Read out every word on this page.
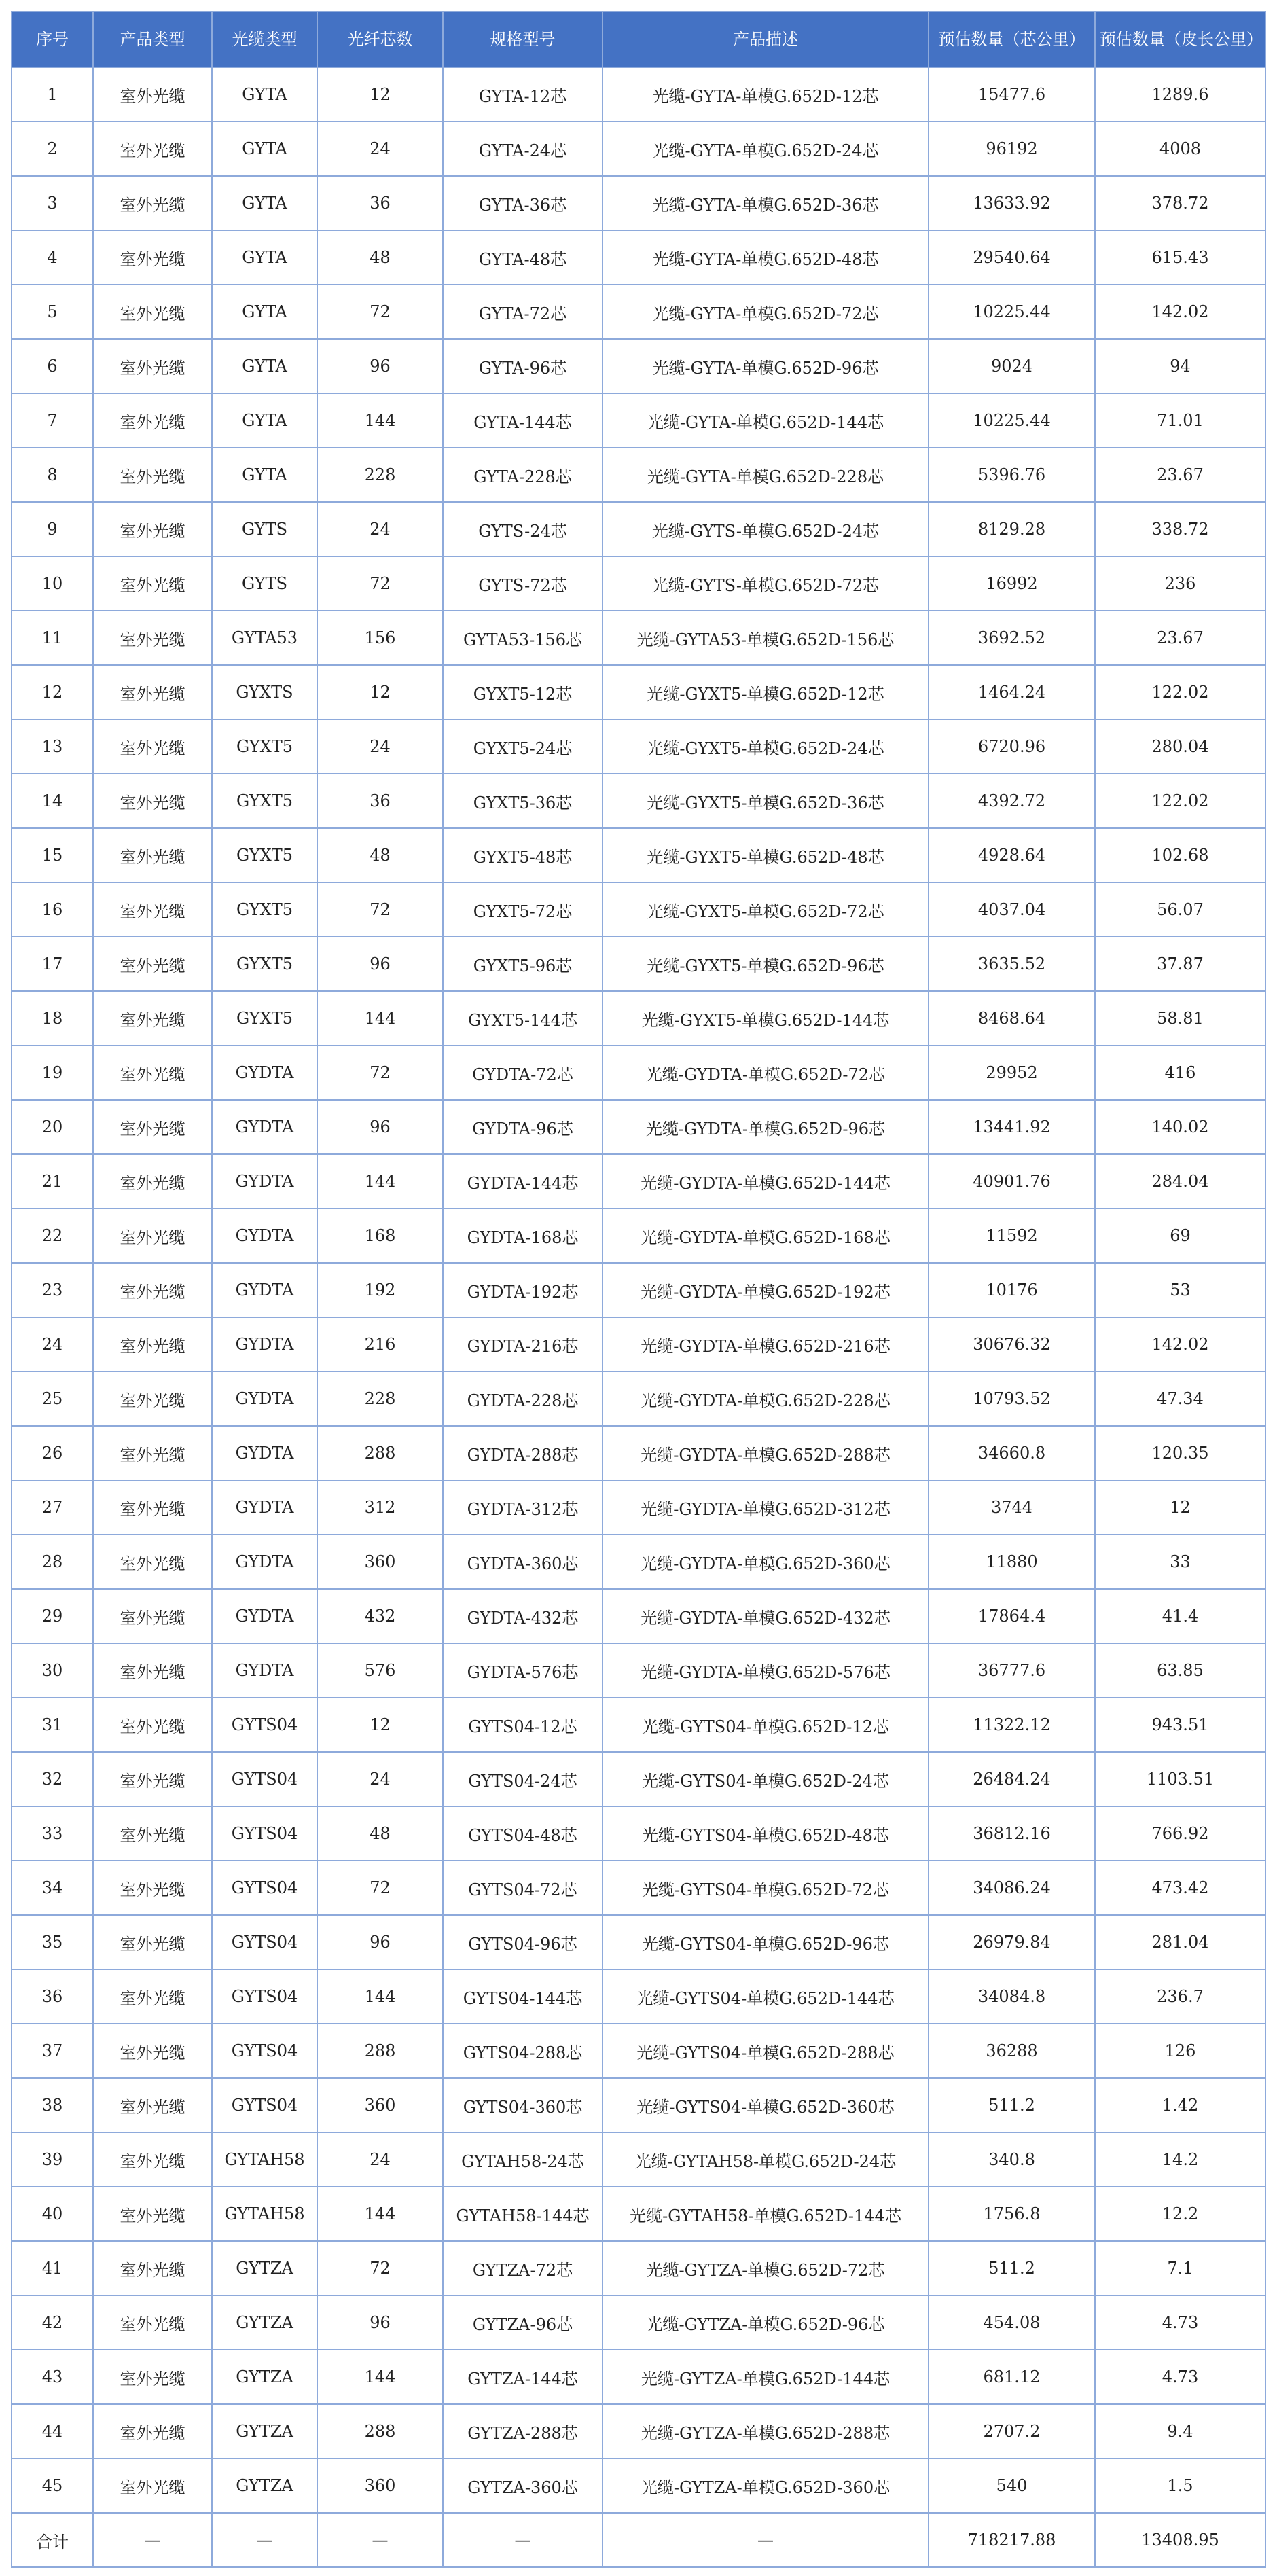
序号	产品类型	光缆类型	光纤芯数	规格型号	产品描述	预估数量（芯公里）	预估数量（皮长公里）
1	室外光缆	GYTA	12	GYTA-12芯	光缆-GYTA-单模G.652D-12芯	15477.6	1289.6
2	室外光缆	GYTA	24	GYTA-24芯	光缆-GYTA-单模G.652D-24芯	96192	4008
3	室外光缆	GYTA	36	GYTA-36芯	光缆-GYTA-单模G.652D-36芯	13633.92	378.72
4	室外光缆	GYTA	48	GYTA-48芯	光缆-GYTA-单模G.652D-48芯	29540.64	615.43
5	室外光缆	GYTA	72	GYTA-72芯	光缆-GYTA-单模G.652D-72芯	10225.44	142.02
6	室外光缆	GYTA	96	GYTA-96芯	光缆-GYTA-单模G.652D-96芯	9024	94
7	室外光缆	GYTA	144	GYTA-144芯	光缆-GYTA-单模G.652D-144芯	10225.44	71.01
8	室外光缆	GYTA	228	GYTA-228芯	光缆-GYTA-单模G.652D-228芯	5396.76	23.67
9	室外光缆	GYTS	24	GYTS-24芯	光缆-GYTS-单模G.652D-24芯	8129.28	338.72
10	室外光缆	GYTS	72	GYTS-72芯	光缆-GYTS-单模G.652D-72芯	16992	236
11	室外光缆	GYTA53	156	GYTA53-156芯	光缆-GYTA53-单模G.652D-156芯	3692.52	23.67
12	室外光缆	GYXTS	12	GYXT5-12芯	光缆-GYXT5-单模G.652D-12芯	1464.24	122.02
13	室外光缆	GYXT5	24	GYXT5-24芯	光缆-GYXT5-单模G.652D-24芯	6720.96	280.04
14	室外光缆	GYXT5	36	GYXT5-36芯	光缆-GYXT5-单模G.652D-36芯	4392.72	122.02
15	室外光缆	GYXT5	48	GYXT5-48芯	光缆-GYXT5-单模G.652D-48芯	4928.64	102.68
16	室外光缆	GYXT5	72	GYXT5-72芯	光缆-GYXT5-单模G.652D-72芯	4037.04	56.07
17	室外光缆	GYXT5	96	GYXT5-96芯	光缆-GYXT5-单模G.652D-96芯	3635.52	37.87
18	室外光缆	GYXT5	144	GYXT5-144芯	光缆-GYXT5-单模G.652D-144芯	8468.64	58.81
19	室外光缆	GYDTA	72	GYDTA-72芯	光缆-GYDTA-单模G.652D-72芯	29952	416
20	室外光缆	GYDTA	96	GYDTA-96芯	光缆-GYDTA-单模G.652D-96芯	13441.92	140.02
21	室外光缆	GYDTA	144	GYDTA-144芯	光缆-GYDTA-单模G.652D-144芯	40901.76	284.04
22	室外光缆	GYDTA	168	GYDTA-168芯	光缆-GYDTA-单模G.652D-168芯	11592	69
23	室外光缆	GYDTA	192	GYDTA-192芯	光缆-GYDTA-单模G.652D-192芯	10176	53
24	室外光缆	GYDTA	216	GYDTA-216芯	光缆-GYDTA-单模G.652D-216芯	30676.32	142.02
25	室外光缆	GYDTA	228	GYDTA-228芯	光缆-GYDTA-单模G.652D-228芯	10793.52	47.34
26	室外光缆	GYDTA	288	GYDTA-288芯	光缆-GYDTA-单模G.652D-288芯	34660.8	120.35
27	室外光缆	GYDTA	312	GYDTA-312芯	光缆-GYDTA-单模G.652D-312芯	3744	12
28	室外光缆	GYDTA	360	GYDTA-360芯	光缆-GYDTA-单模G.652D-360芯	11880	33
29	室外光缆	GYDTA	432	GYDTA-432芯	光缆-GYDTA-单模G.652D-432芯	17864.4	41.4
30	室外光缆	GYDTA	576	GYDTA-576芯	光缆-GYDTA-单模G.652D-576芯	36777.6	63.85
31	室外光缆	GYTS04	12	GYTS04-12芯	光缆-GYTS04-单模G.652D-12芯	11322.12	943.51
32	室外光缆	GYTS04	24	GYTS04-24芯	光缆-GYTS04-单模G.652D-24芯	26484.24	1103.51
33	室外光缆	GYTS04	48	GYTS04-48芯	光缆-GYTS04-单模G.652D-48芯	36812.16	766.92
34	室外光缆	GYTS04	72	GYTS04-72芯	光缆-GYTS04-单模G.652D-72芯	34086.24	473.42
35	室外光缆	GYTS04	96	GYTS04-96芯	光缆-GYTS04-单模G.652D-96芯	26979.84	281.04
36	室外光缆	GYTS04	144	GYTS04-144芯	光缆-GYTS04-单模G.652D-144芯	34084.8	236.7
37	室外光缆	GYTS04	288	GYTS04-288芯	光缆-GYTS04-单模G.652D-288芯	36288	126
38	室外光缆	GYTS04	360	GYTS04-360芯	光缆-GYTS04-单模G.652D-360芯	511.2	1.42
39	室外光缆	GYTAH58	24	GYTAH58-24芯	光缆-GYTAH58-单模G.652D-24芯	340.8	14.2
40	室外光缆	GYTAH58	144	GYTAH58-144芯	光缆-GYTAH58-单模G.652D-144芯	1756.8	12.2
41	室外光缆	GYTZA	72	GYTZA-72芯	光缆-GYTZA-单模G.652D-72芯	511.2	7.1
42	室外光缆	GYTZA	96	GYTZA-96芯	光缆-GYTZA-单模G.652D-96芯	454.08	4.73
43	室外光缆	GYTZA	144	GYTZA-144芯	光缆-GYTZA-单模G.652D-144芯	681.12	4.73
44	室外光缆	GYTZA	288	GYTZA-288芯	光缆-GYTZA-单模G.652D-288芯	2707.2	9.4
45	室外光缆	GYTZA	360	GYTZA-360芯	光缆-GYTZA-单模G.652D-360芯	540	1.5
合计	—	—	—	—	—	718217.88	13408.95
